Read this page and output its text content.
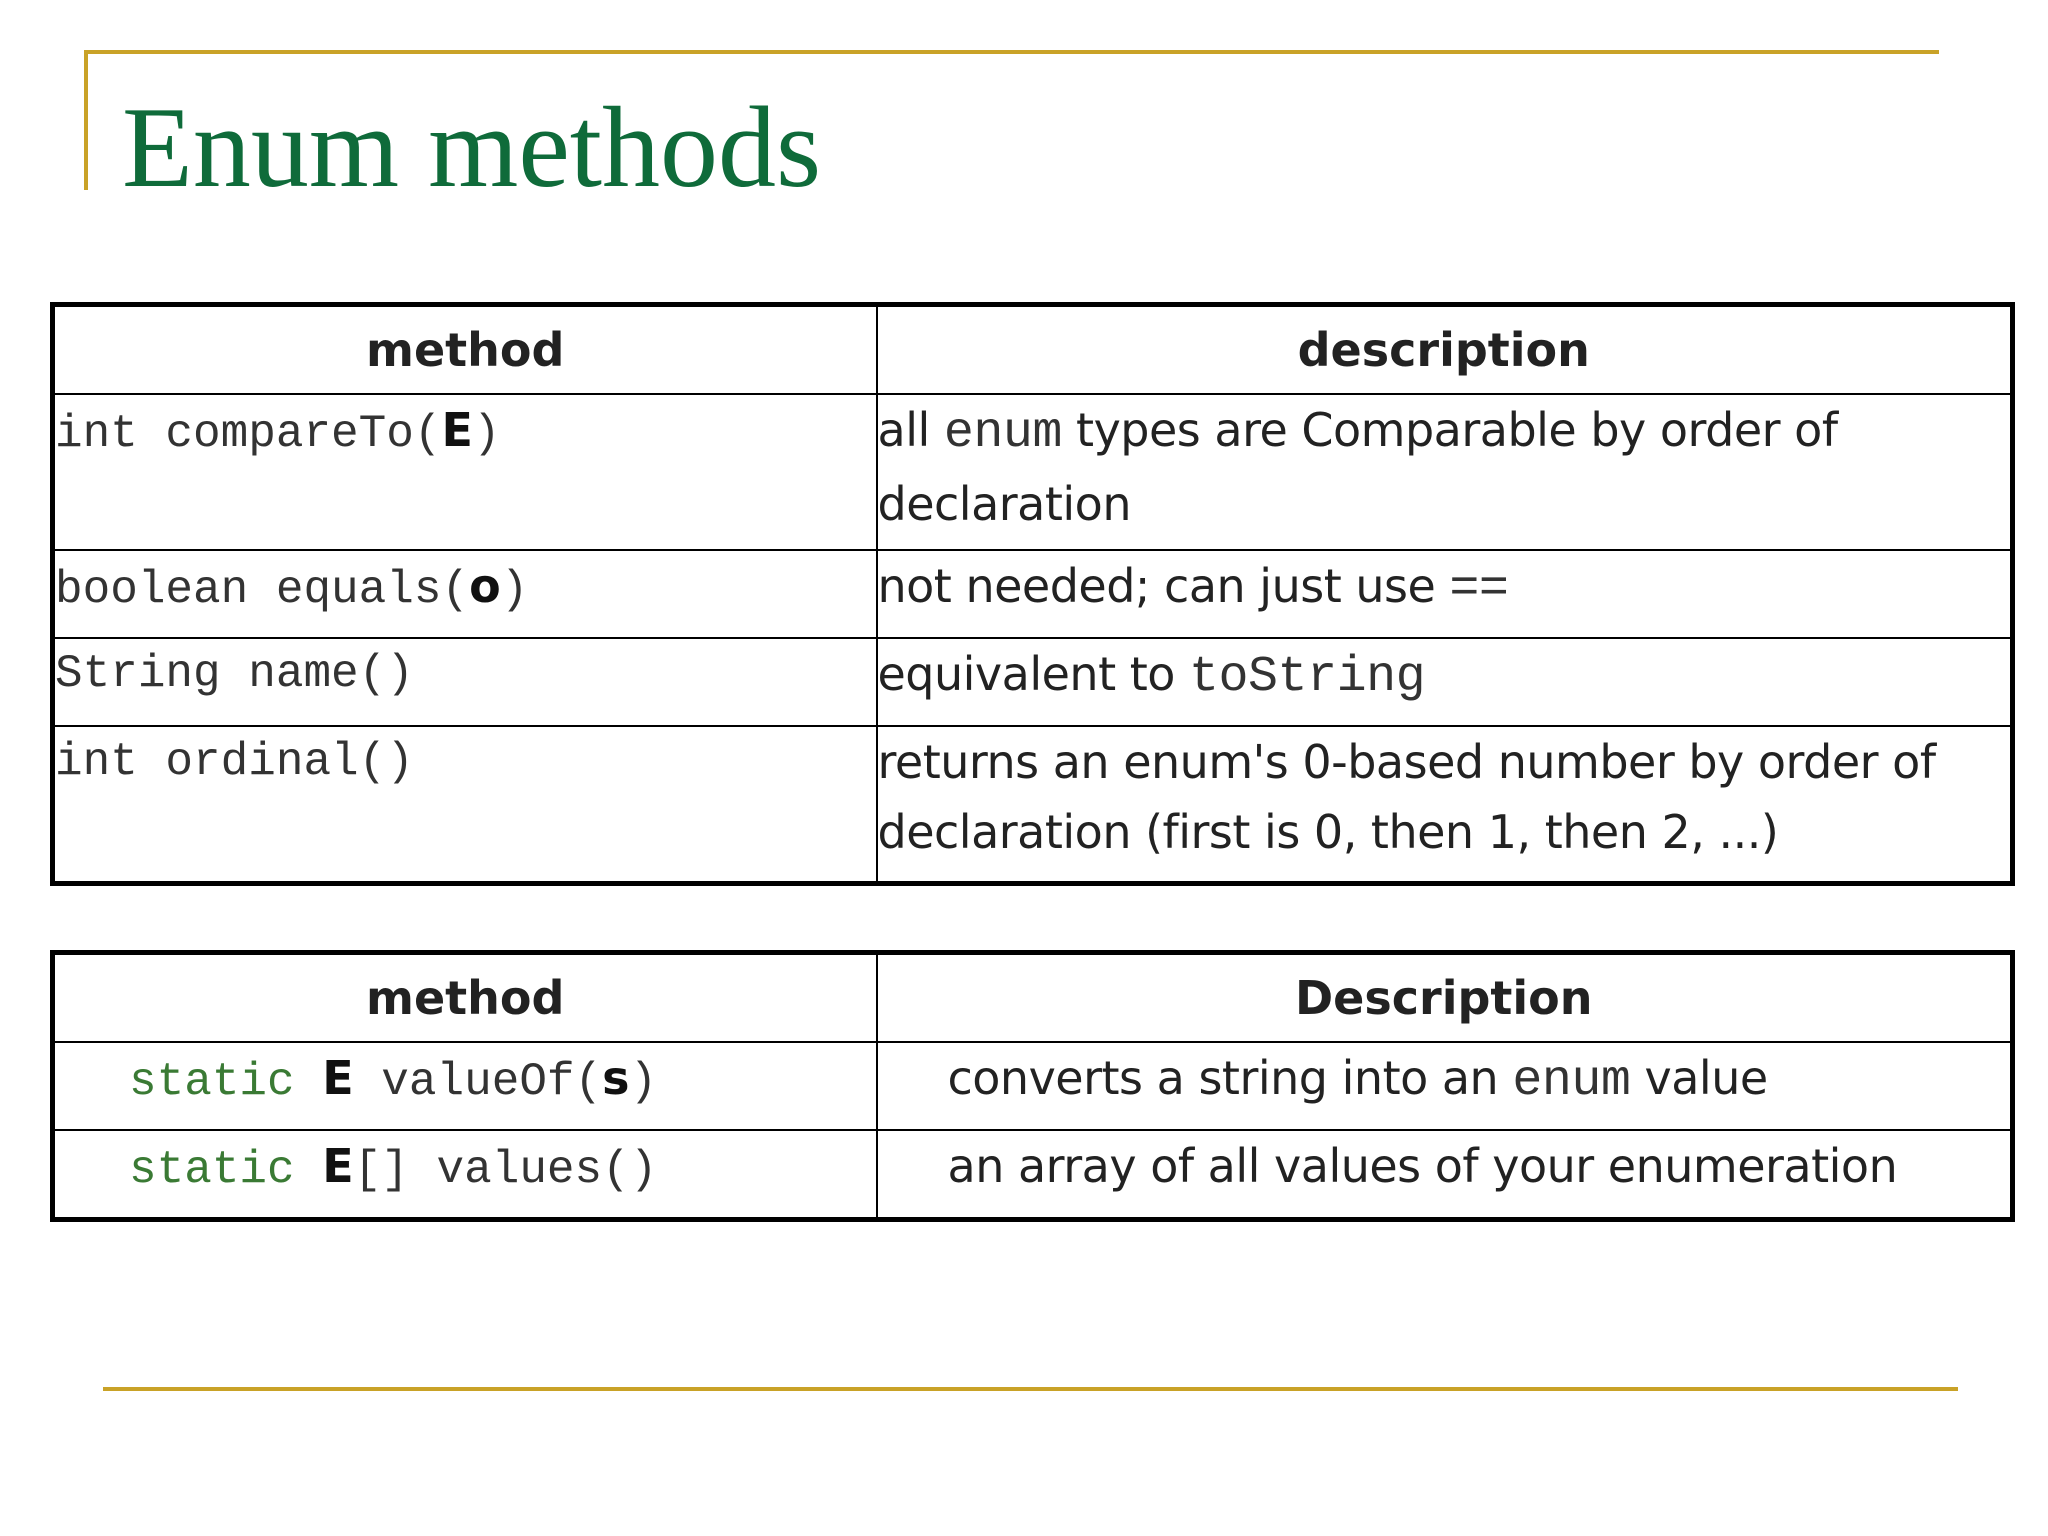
Enum methods
method	description
int compareTo(E)	all enum types are Comparable by order of declaration
boolean equals(o)	not needed; can just use ==
String name()	equivalent to toString
int ordinal()	returns an enum's 0-based number by order of declaration (first is 0, then 1, then 2, ...)
method	Description
static E valueOf(s)	converts a string into an enum value
static E[] values()	an array of all values of your enumeration
